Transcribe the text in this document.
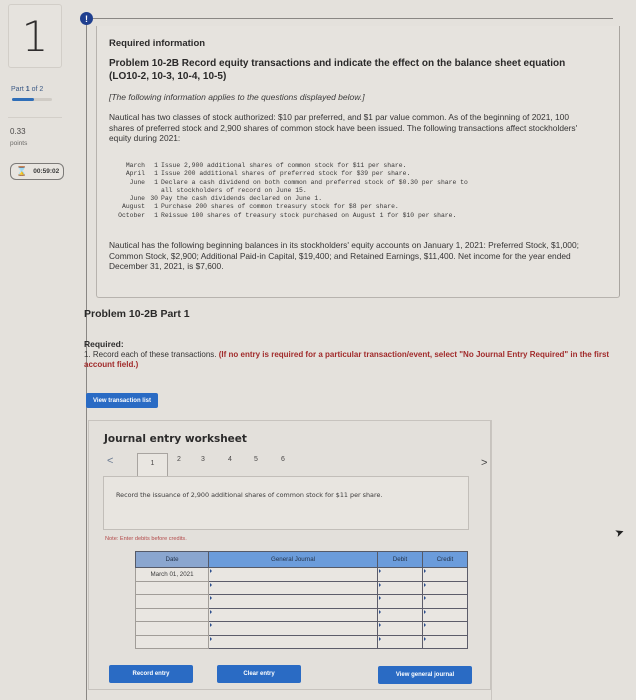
1
Part 1 of 2
0.33
points
⌛ 00:59:02
!
Required information
Problem 10-2B Record equity transactions and indicate the effect on the balance sheet equation (LO10-2, 10-3, 10-4, 10-5)
[The following information applies to the questions displayed below.]
Nautical has two classes of stock authorized: $10 par preferred, and $1 par value common. As of the beginning of 2021, 100 shares of preferred stock and 2,900 shares of common stock have been issued. The following transactions affect stockholders' equity during 2021:
March	1 Issue 2,900 additional shares of common stock for $11 per share.
April	1 Issue 200 additional shares of preferred stock for $39 per share.
June	1 Declare a cash dividend on both common and preferred stock of $0.30 per share to
all stockholders of record on June 15.
June 30 Pay the cash dividends declared on June 1.
August	1 Purchase 200 shares of common treasury stock for $8 per share.
October	1 Reissue 100 shares of treasury stock purchased on August 1 for $10 per share.
Nautical has the following beginning balances in its stockholders' equity accounts on January 1, 2021: Preferred Stock, $1,000; Common Stock, $2,900; Additional Paid-in Capital, $19,400; and Retained Earnings, $11,400. Net income for the year ended December 31, 2021, is $7,600.
Problem 10-2B Part 1
Required:
1. Record each of these transactions. (If no entry is required for a particular transaction/event, select "No Journal Entry Required" in the first account field.)
View transaction list
Journal entry worksheet
<	1
2	3	4	5	6	>
Record the issuance of 2,900 additional shares of common stock for $11 per share.
Note: Enter debits before credits.
Date	General Journal	Debit	Credit
March 01, 2021			

Record entry	Clear entry	View general journal
➤
